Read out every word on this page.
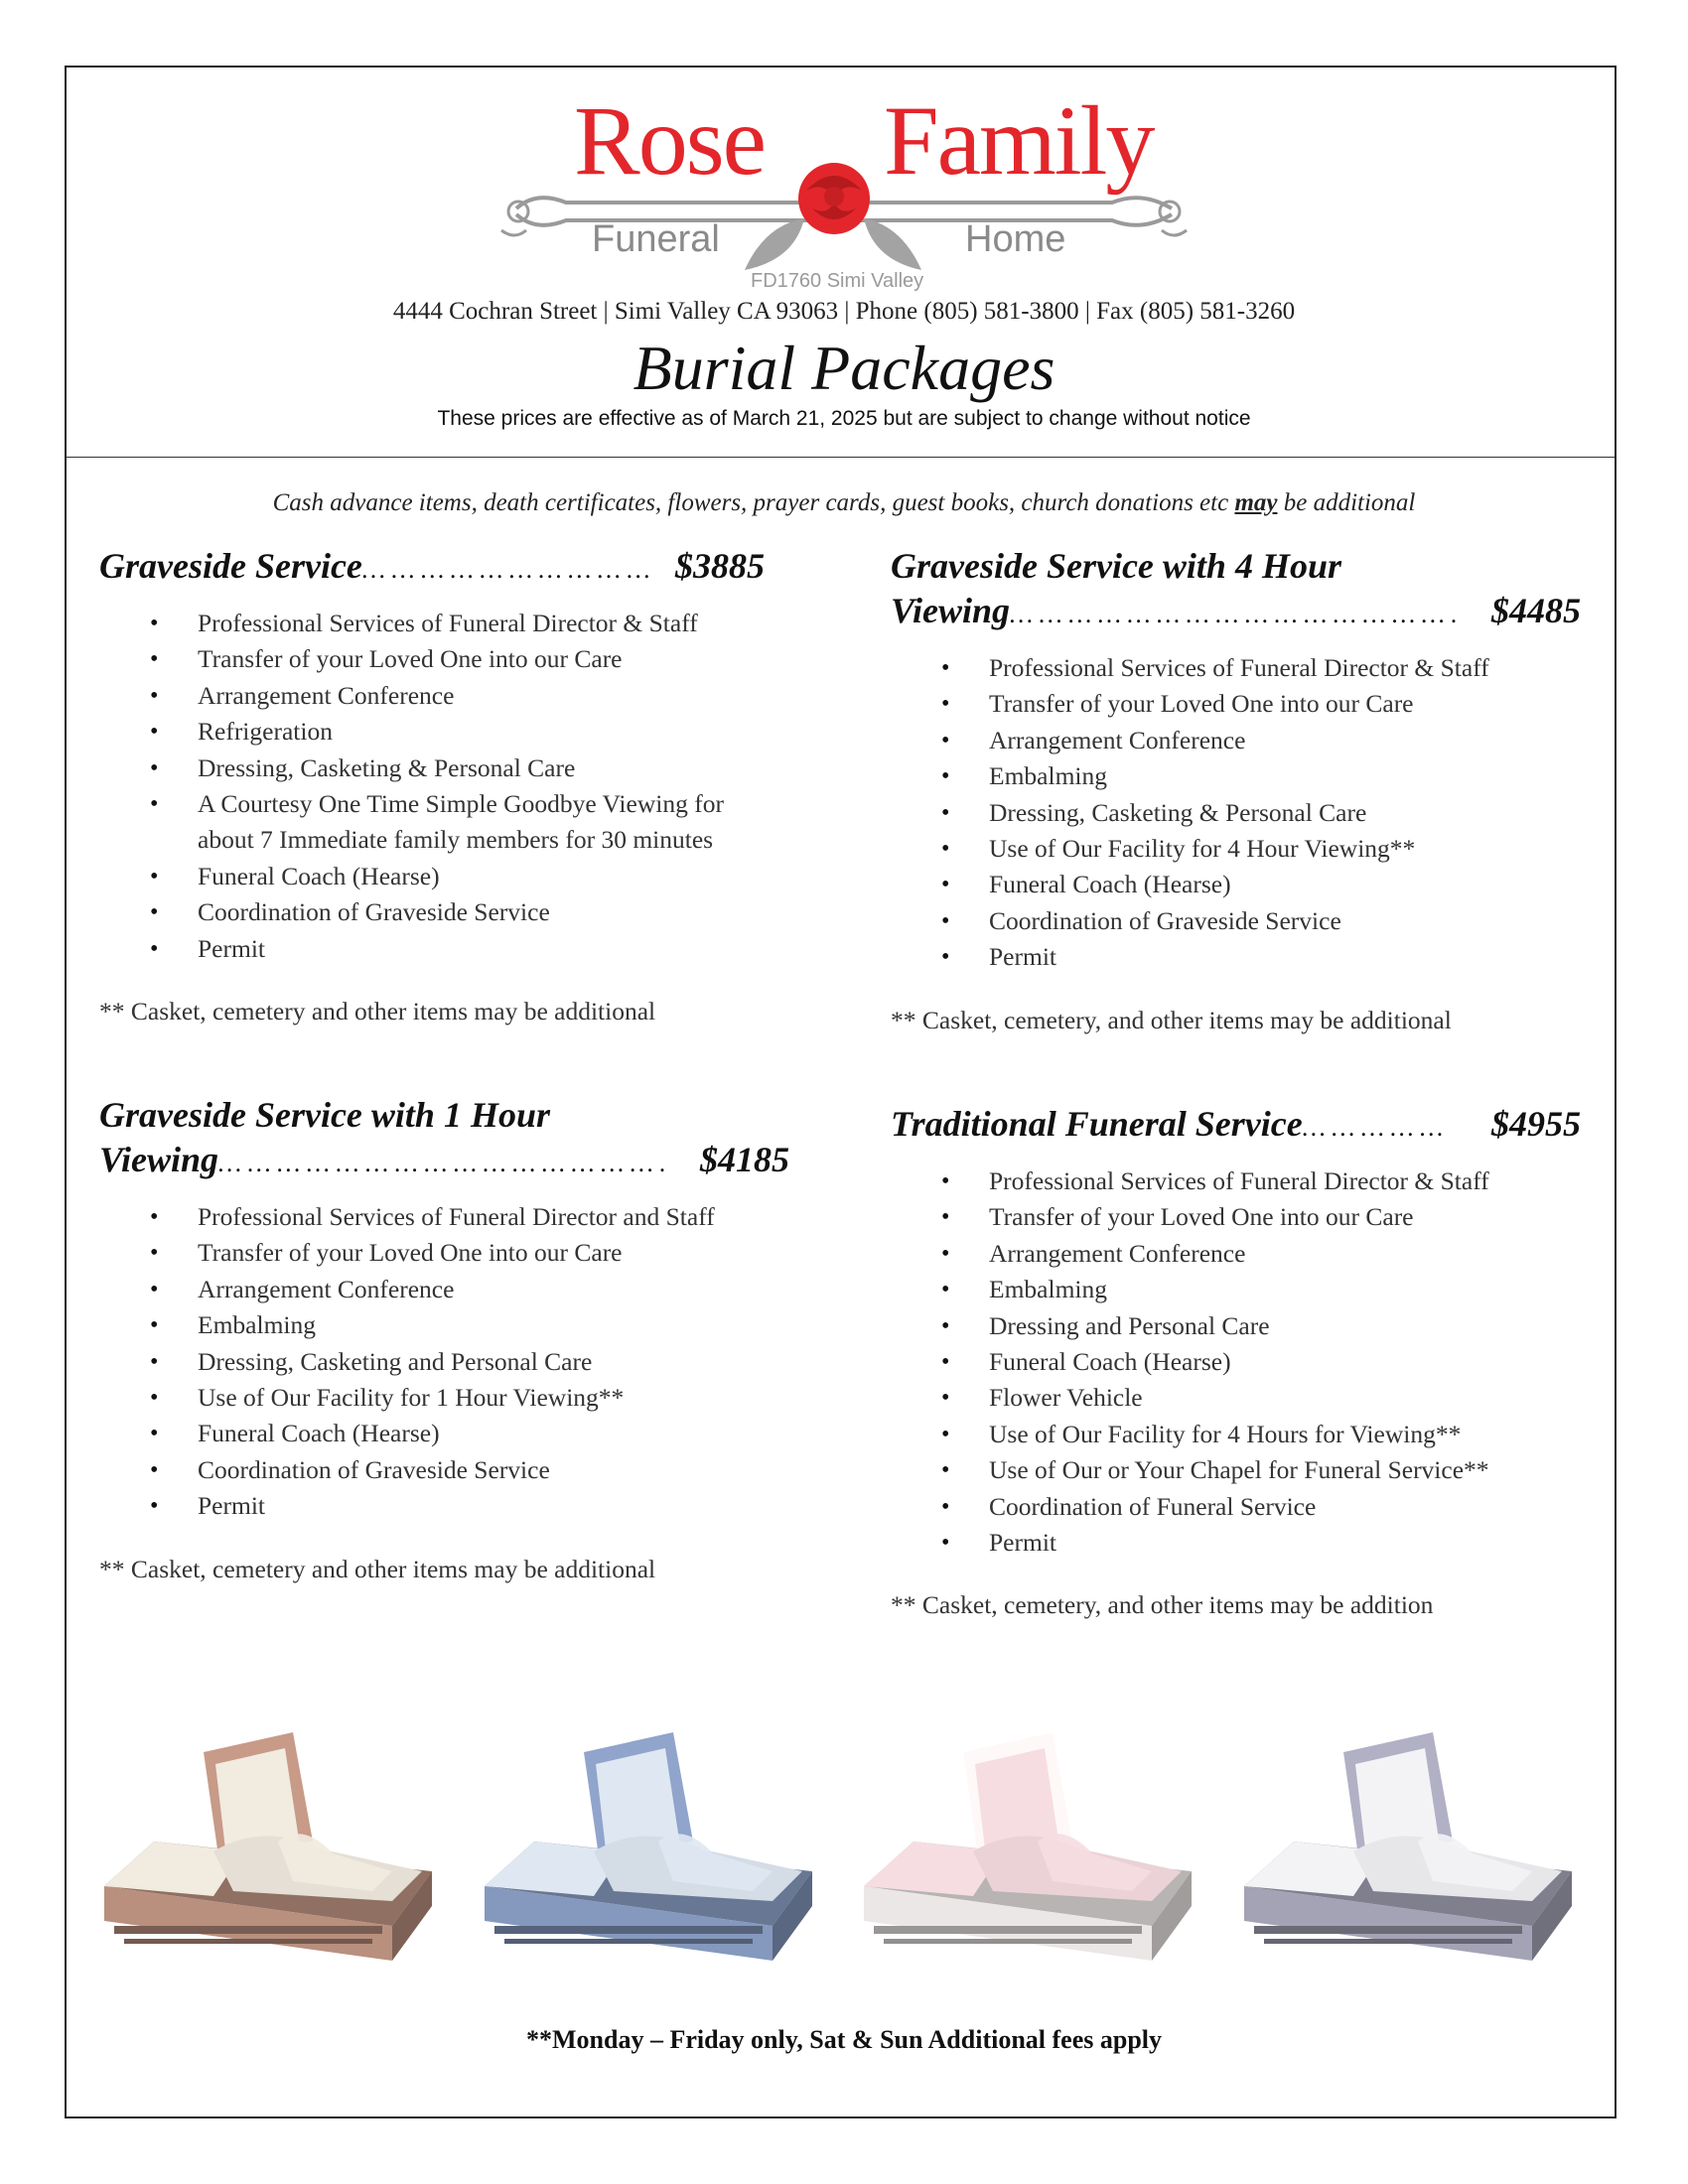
Rose Family
Funeral	Home
FD1760 Simi Valley
4444 Cochran Street | Simi Valley CA 93063 | Phone (805) 581-3800 | Fax (805) 581-3260
Burial Packages
These prices are effective as of March 21, 2025 but are subject to change without notice
Cash advance items, death certificates, flowers, prayer cards, guest books, church donations etc may be additional
Graveside Service… … … … … … … … … … $3885
• Professional Services of Funeral Director & Staff
• Transfer of your Loved One into our Care
• Arrangement Conference
• Refrigeration
• Dressing, Casketing & Personal Care
• A Courtesy One Time Simple Goodbye Viewing for about 7 Immediate family members for 30 minutes
• Funeral Coach (Hearse)
• Coordination of Graveside Service
• Permit
** Casket, cemetery and other items may be additional
Graveside Service with 4 Hour
Viewing… … … … … … … … … … … … … … … . $4485
• Professional Services of Funeral Director & Staff
• Transfer of your Loved One into our Care
• Arrangement Conference
• Embalming
• Dressing, Casketing & Personal Care
• Use of Our Facility for 4 Hour Viewing**
• Funeral Coach (Hearse)
• Coordination of Graveside Service
• Permit
** Casket, cemetery, and other items may be additional
Graveside Service with 1 Hour
Viewing… … … … … … … … … … … … … … … . $4185
• Professional Services of Funeral Director and Staff
• Transfer of your Loved One into our Care
• Arrangement Conference
• Embalming
• Dressing, Casketing and Personal Care
• Use of Our Facility for 1 Hour Viewing**
• Funeral Coach (Hearse)
• Coordination of Graveside Service
• Permit
** Casket, cemetery and other items may be additional
Traditional Funeral Service… … … … … $4955
• Professional Services of Funeral Director & Staff
• Transfer of your Loved One into our Care
• Arrangement Conference
• Embalming
• Dressing and Personal Care
• Funeral Coach (Hearse)
• Flower Vehicle
• Use of Our Facility for 4 Hours for Viewing**
• Use of Our or Your Chapel for Funeral Service**
• Coordination of Funeral Service
• Permit
** Casket, cemetery, and other items may be addition
**Monday – Friday only, Sat & Sun Additional fees apply
